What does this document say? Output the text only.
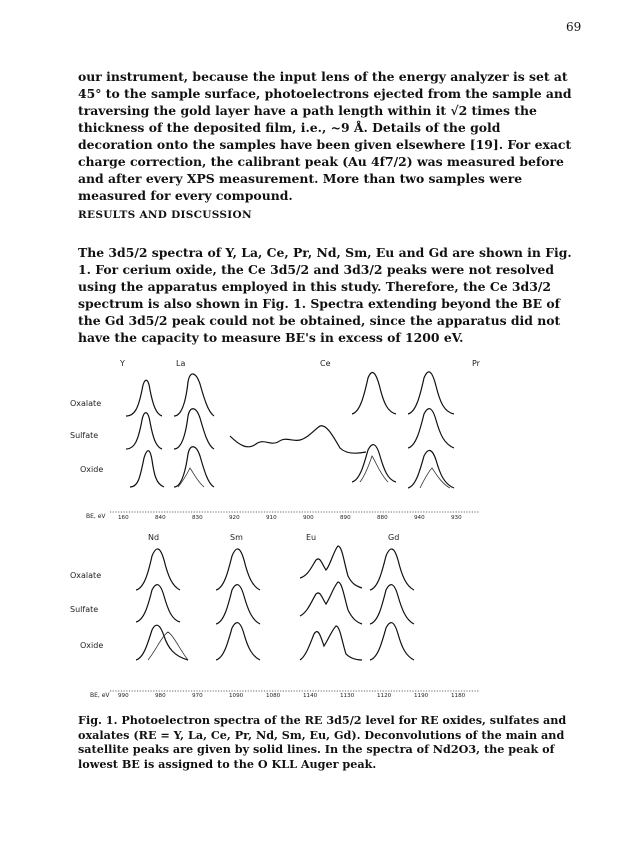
69

our instrument, because the input lens of the energy analyzer is set at 45° to the sample surface, photoelectrons ejected from the sample and traversing the gold layer have a path length within it √2 times the thickness of the deposited film, i.e., ~9 Å. Details of the gold decoration onto the samples have been given elsewhere [19]. For exact charge correction, the calibrant peak (Au 4f7/2) was measured before and after every XPS measurement. More than two samples were measured for every compound.

RESULTS AND DISCUSSION

The 3d5/2 spectra of Y, La, Ce, Pr, Nd, Sm, Eu and Gd are shown in Fig. 1. For cerium oxide, the Ce 3d5/2 and 3d3/2 peaks were not resolved using the apparatus employed in this study. Therefore, the Ce 3d3/2 spectrum is also shown in Fig. 1. Spectra extending beyond the BE of the Gd 3d5/2 peak could not be obtained, since the apparatus did not have the capacity to measure BE's in excess of 1200 eV.

Y	La	Ce	Pr
Oxalate
Sulfate
Oxide
Nd	Sm	Eu	Gd
Oxalate
Sulfate
Oxide
BE, eV
BE, eV
160	840	830	920	910	900	890	880	940	930
990	980	970	1090	1080	1140	1130	1120	1190	1180

Fig. 1. Photoelectron spectra of the RE 3d5/2 level for RE oxides, sulfates and oxalates (RE = Y, La, Ce, Pr, Nd, Sm, Eu, Gd). Deconvolutions of the main and satellite peaks are given by solid lines. In the spectra of Nd2O3, the peak of lowest BE is assigned to the O KLL Auger peak.
